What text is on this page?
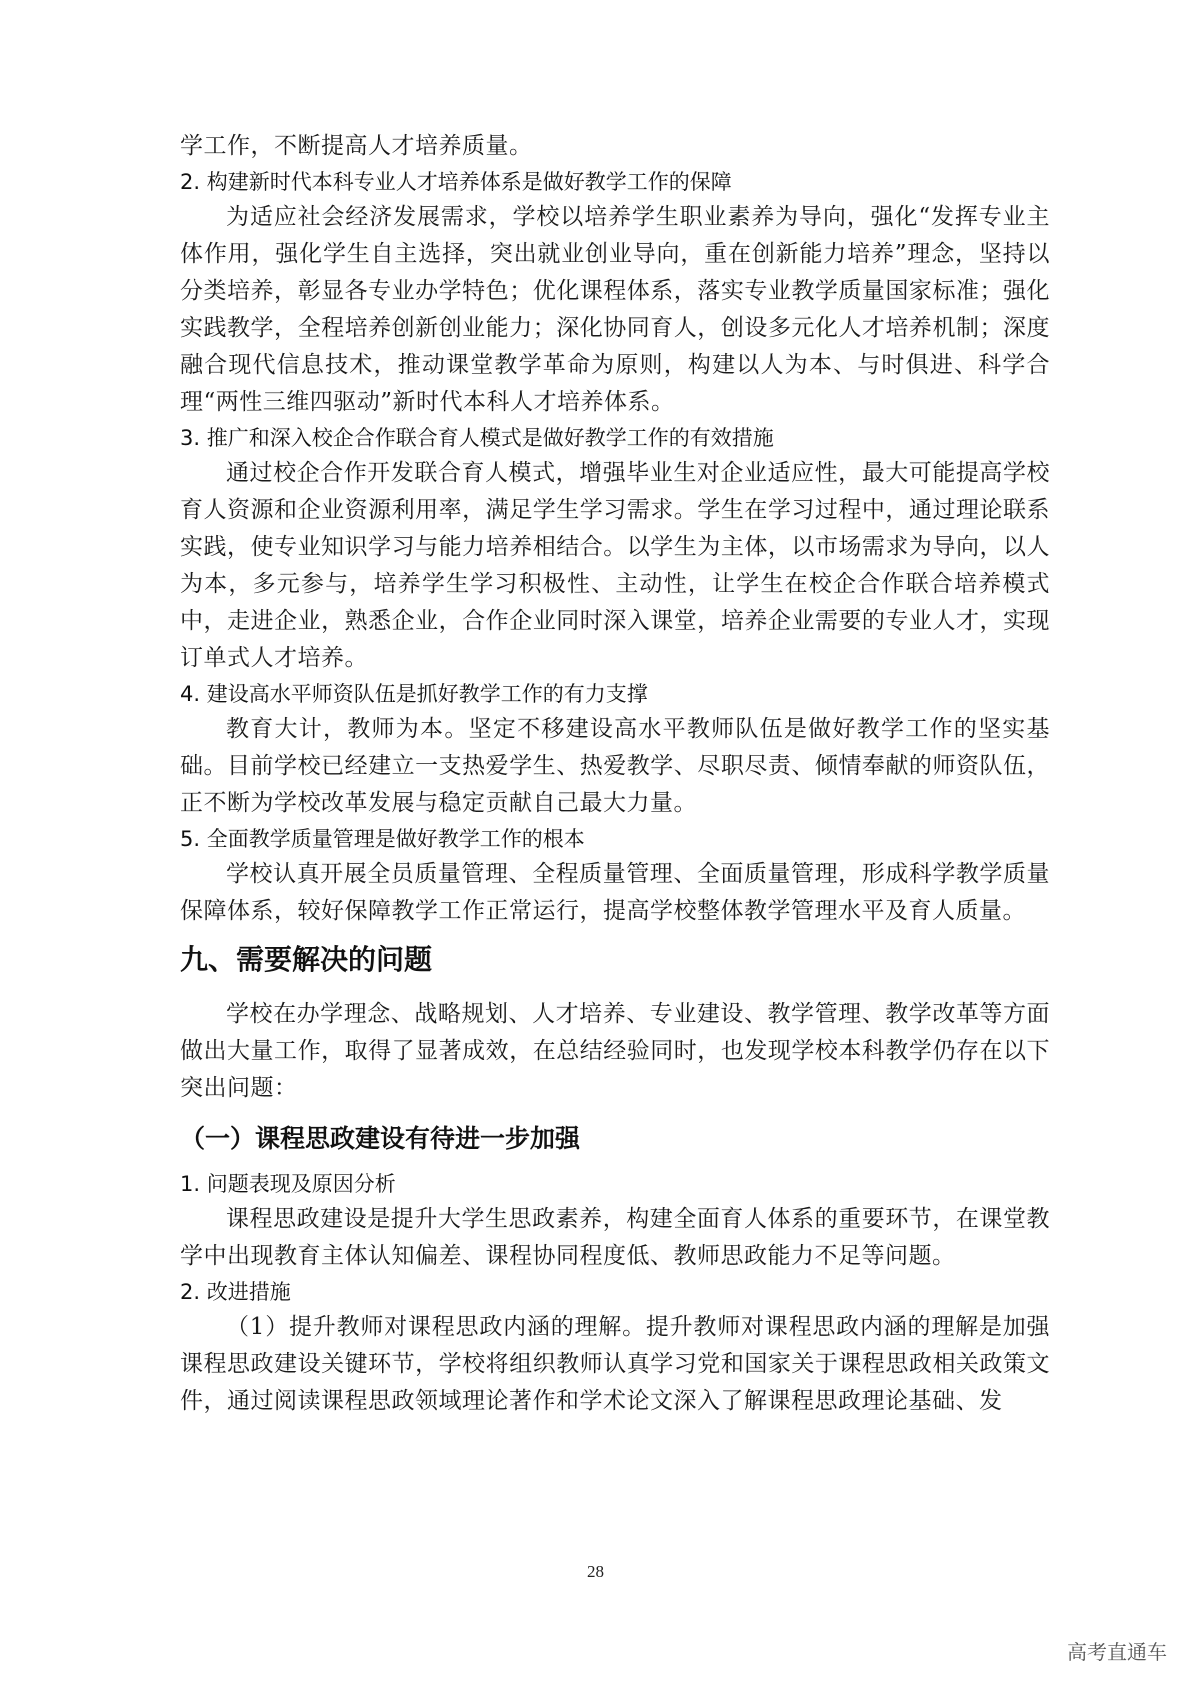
学工作，不断提高人才培养质量。

2. 构建新时代本科专业人才培养体系是做好教学工作的保障

为适应社会经济发展需求，学校以培养学生职业素养为导向，强化“发挥专业主体作用，强化学生自主选择，突出就业创业导向，重在创新能力培养”理念，坚持以分类培养，彰显各专业办学特色；优化课程体系，落实专业教学质量国家标准；强化实践教学，全程培养创新创业能力；深化协同育人，创设多元化人才培养机制；深度融合现代信息技术，推动课堂教学革命为原则，构建以人为本、与时俱进、科学合理“两性三维四驱动”新时代本科人才培养体系。

3. 推广和深入校企合作联合育人模式是做好教学工作的有效措施

通过校企合作开发联合育人模式，增强毕业生对企业适应性，最大可能提高学校育人资源和企业资源利用率，满足学生学习需求。学生在学习过程中，通过理论联系实践，使专业知识学习与能力培养相结合。以学生为主体，以市场需求为导向，以人为本，多元参与，培养学生学习积极性、主动性，让学生在校企合作联合培养模式中，走进企业，熟悉企业，合作企业同时深入课堂，培养企业需要的专业人才，实现订单式人才培养。

4. 建设高水平师资队伍是抓好教学工作的有力支撑

教育大计，教师为本。坚定不移建设高水平教师队伍是做好教学工作的坚实基础。目前学校已经建立一支热爱学生、热爱教学、尽职尽责、倾情奉献的师资队伍，正不断为学校改革发展与稳定贡献自己最大力量。

5. 全面教学质量管理是做好教学工作的根本

学校认真开展全员质量管理、全程质量管理、全面质量管理，形成科学教学质量保障体系，较好保障教学工作正常运行，提高学校整体教学管理水平及育人质量。

九、需要解决的问题

学校在办学理念、战略规划、人才培养、专业建设、教学管理、教学改革等方面做出大量工作，取得了显著成效，在总结经验同时，也发现学校本科教学仍存在以下突出问题：

（一）课程思政建设有待进一步加强

1. 问题表现及原因分析

课程思政建设是提升大学生思政素养，构建全面育人体系的重要环节，在课堂教学中出现教育主体认知偏差、课程协同程度低、教师思政能力不足等问题。

2. 改进措施

（1）提升教师对课程思政内涵的理解。提升教师对课程思政内涵的理解是加强课程思政建设关键环节，学校将组织教师认真学习党和国家关于课程思政相关政策文件，通过阅读课程思政领域理论著作和学术论文深入了解课程思政理论基础、发

28
高考直通车
